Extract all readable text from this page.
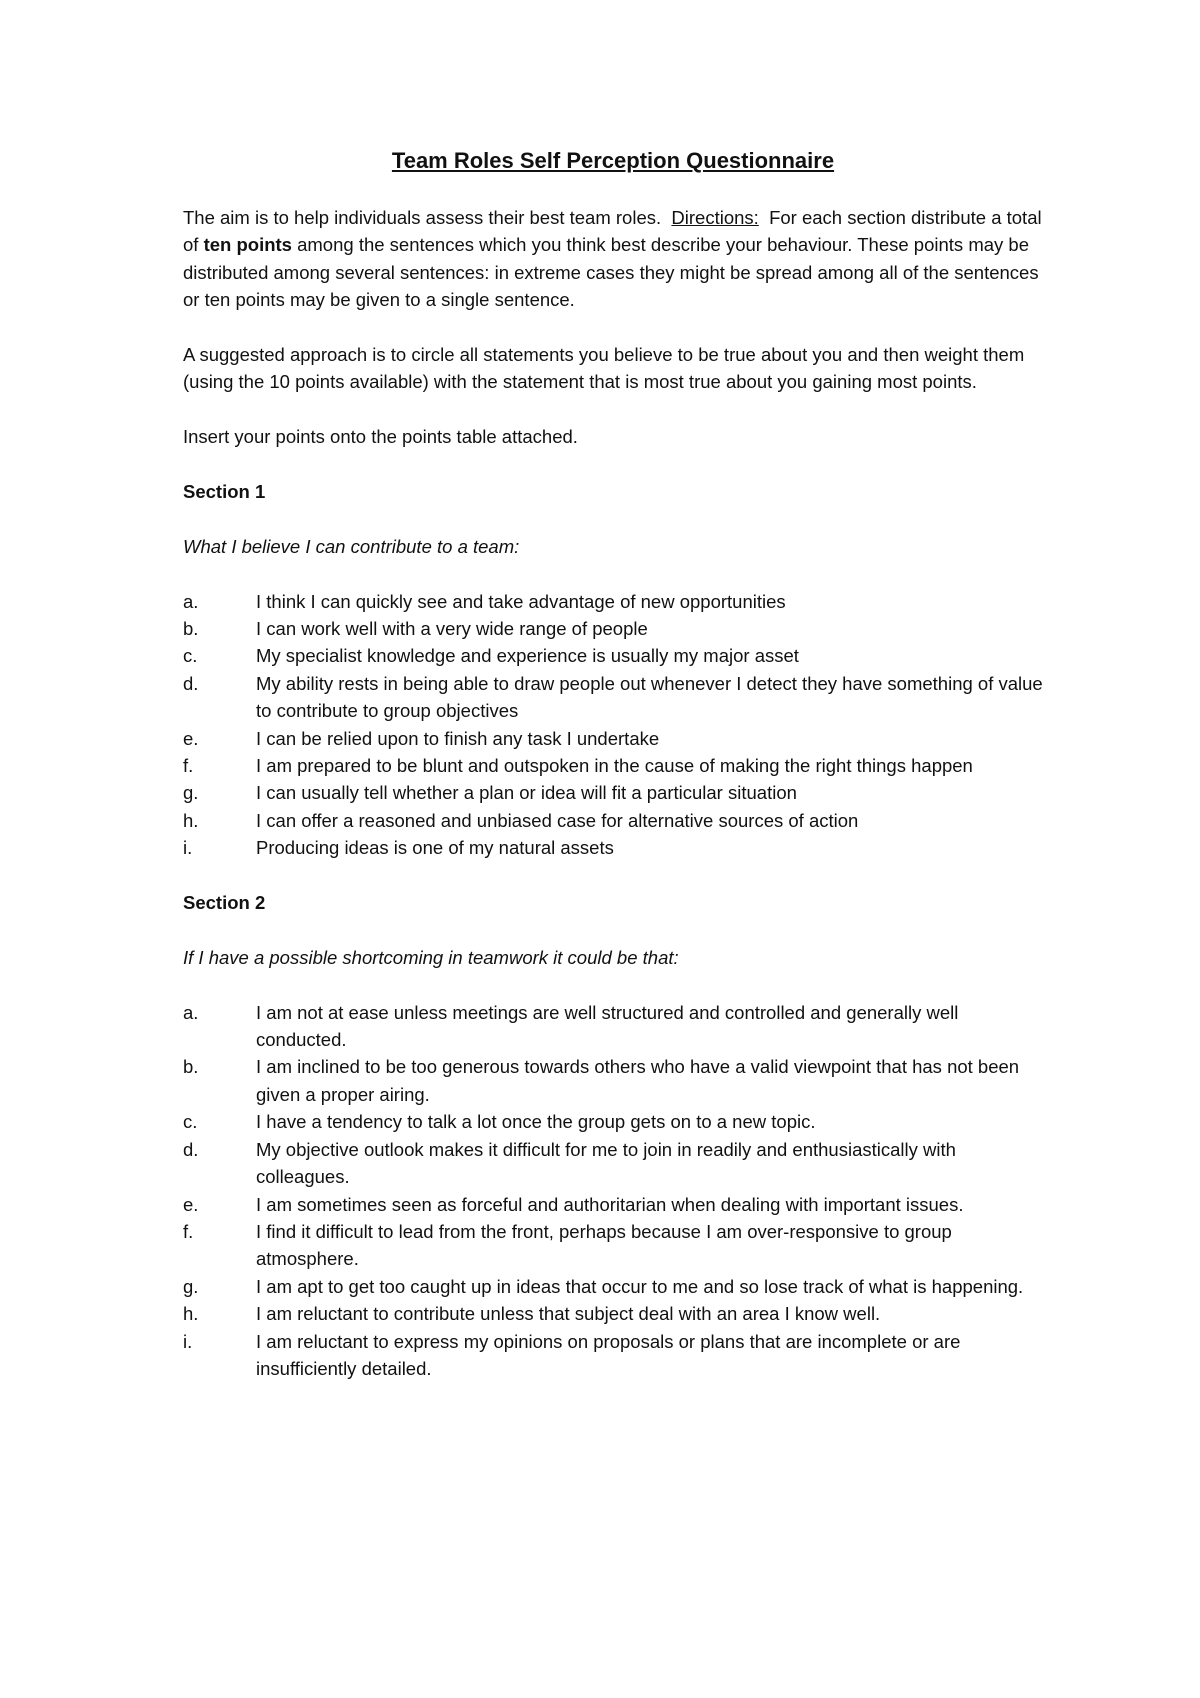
Team Roles Self Perception Questionnaire

The aim is to help individuals assess their best team roles. Directions: For each section distribute a total of ten points among the sentences which you think best describe your behaviour. These points may be distributed among several sentences: in extreme cases they might be spread among all of the sentences or ten points may be given to a single sentence.

A suggested approach is to circle all statements you believe to be true about you and then weight them (using the 10 points available) with the statement that is most true about you gaining most points.

Insert your points onto the points table attached.

Section 1

What I believe I can contribute to a team:

a.	I think I can quickly see and take advantage of new opportunities
b.	I can work well with a very wide range of people
c.	My specialist knowledge and experience is usually my major asset
d.	My ability rests in being able to draw people out whenever I detect they have something of value to contribute to group objectives
e.	I can be relied upon to finish any task I undertake
f.	I am prepared to be blunt and outspoken in the cause of making the right things happen
g.	I can usually tell whether a plan or idea will fit a particular situation
h.	I can offer a reasoned and unbiased case for alternative sources of action
i.	Producing ideas is one of my natural assets

Section 2

If I have a possible shortcoming in teamwork it could be that:

a.	I am not at ease unless meetings are well structured and controlled and generally well conducted.
b.	I am inclined to be too generous towards others who have a valid viewpoint that has not been given a proper airing.
c.	I have a tendency to talk a lot once the group gets on to a new topic.
d.	My objective outlook makes it difficult for me to join in readily and enthusiastically with colleagues.
e.	I am sometimes seen as forceful and authoritarian when dealing with important issues.
f.	I find it difficult to lead from the front, perhaps because I am over-responsive to group atmosphere.
g.	I am apt to get too caught up in ideas that occur to me and so lose track of what is happening.
h.	I am reluctant to contribute unless that subject deal with an area I know well.
i.	I am reluctant to express my opinions on proposals or plans that are incomplete or are insufficiently detailed.
